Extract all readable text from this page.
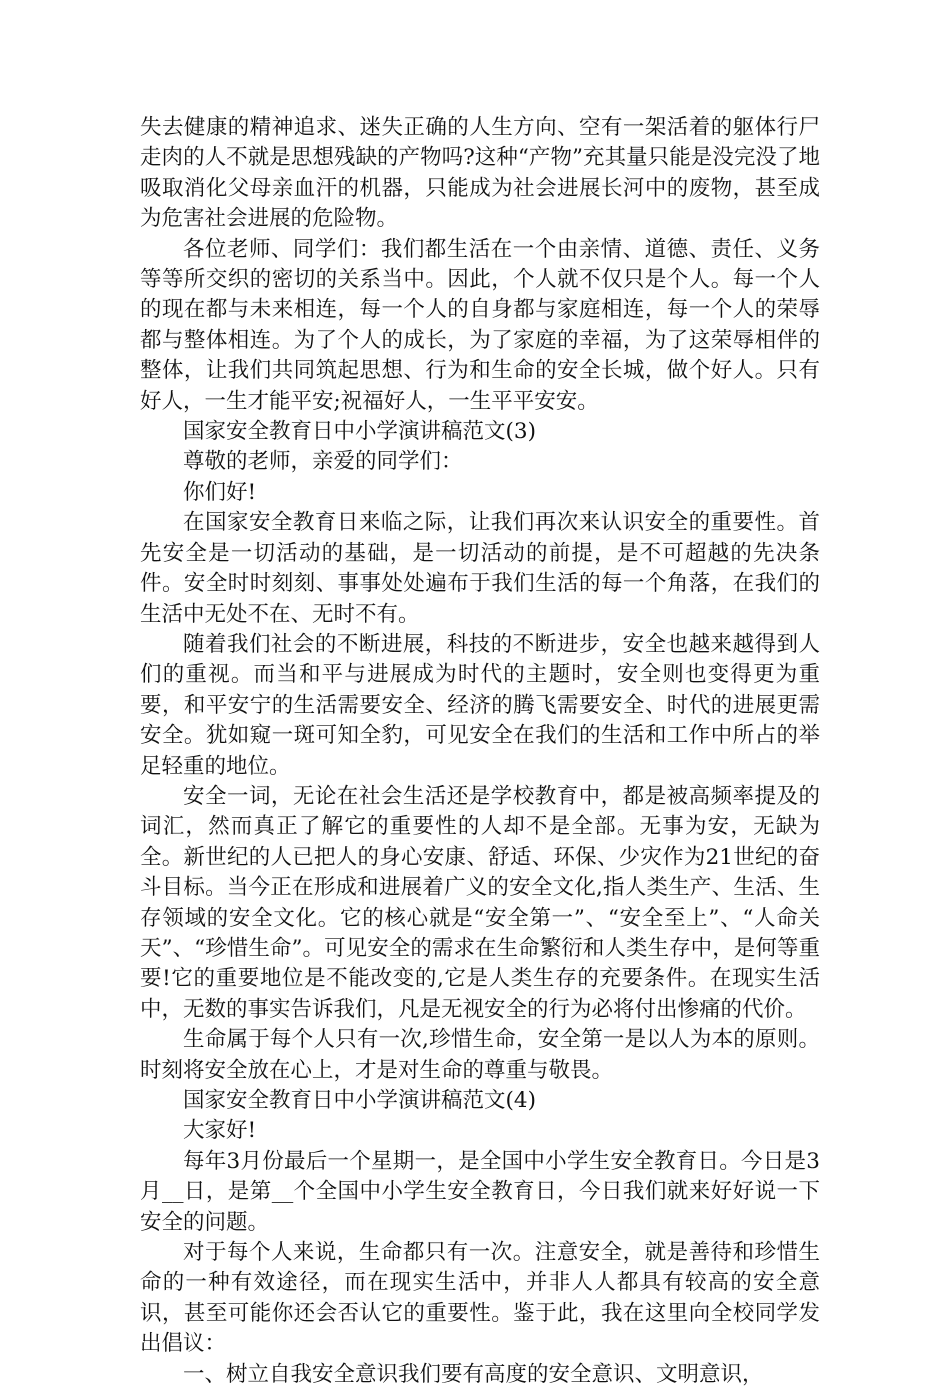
失去健康的精神追求、迷失正确的人生方向、空有一架活着的躯体行尸走肉的人不就是思想残缺的产物吗?这种“产物”充其量只能是没完没了地吸取消化父母亲血汗的机器，只能成为社会进展长河中的废物，甚至成为危害社会进展的危险物。

各位老师、同学们：我们都生活在一个由亲情、道德、责任、义务等等所交织的密切的关系当中。因此，个人就不仅只是个人。每一个人的现在都与未来相连，每一个人的自身都与家庭相连，每一个人的荣辱都与整体相连。为了个人的成长，为了家庭的幸福，为了这荣辱相伴的整体，让我们共同筑起思想、行为和生命的安全长城，做个好人。只有好人，一生才能平安;祝福好人，一生平平安安。

国家安全教育日中小学演讲稿范文(3)

尊敬的老师，亲爱的同学们：

你们好!

在国家安全教育日来临之际，让我们再次来认识安全的重要性。首先安全是一切活动的基础，是一切活动的前提，是不可超越的先决条件。安全时时刻刻、事事处处遍布于我们生活的每一个角落，在我们的生活中无处不在、无时不有。

随着我们社会的不断进展，科技的不断进步，安全也越来越得到人们的重视。而当和平与进展成为时代的主题时，安全则也变得更为重要，和平安宁的生活需要安全、经济的腾飞需要安全、时代的进展更需安全。犹如窥一斑可知全豹，可见安全在我们的生活和工作中所占的举足轻重的地位。

安全一词，无论在社会生活还是学校教育中，都是被高频率提及的词汇，然而真正了解它的重要性的人却不是全部。无事为安，无缺为全。新世纪的人已把人的身心安康、舒适、环保、少灾作为21世纪的奋斗目标。当今正在形成和进展着广义的安全文化,指人类生产、生活、生存领域的安全文化。它的核心就是“安全第一”、“安全至上”、“人命关天”、“珍惜生命”。可见安全的需求在生命繁衍和人类生存中，是何等重要!它的重要地位是不能改变的,它是人类生存的充要条件。在现实生活中，无数的事实告诉我们，凡是无视安全的行为必将付出惨痛的代价。

生命属于每个人只有一次,珍惜生命，安全第一是以人为本的原则。时刻将安全放在心上，才是对生命的尊重与敬畏。

国家安全教育日中小学演讲稿范文(4)

大家好!

每年3月份最后一个星期一，是全国中小学生安全教育日。今日是3月__日，是第__个全国中小学生安全教育日，今日我们就来好好说一下安全的问题。

对于每个人来说，生命都只有一次。注意安全，就是善待和珍惜生命的一种有效途径，而在现实生活中，并非人人都具有较高的安全意识，甚至可能你还会否认它的重要性。鉴于此，我在这里向全校同学发出倡议：

一、树立自我安全意识我们要有高度的安全意识、文明意识，
